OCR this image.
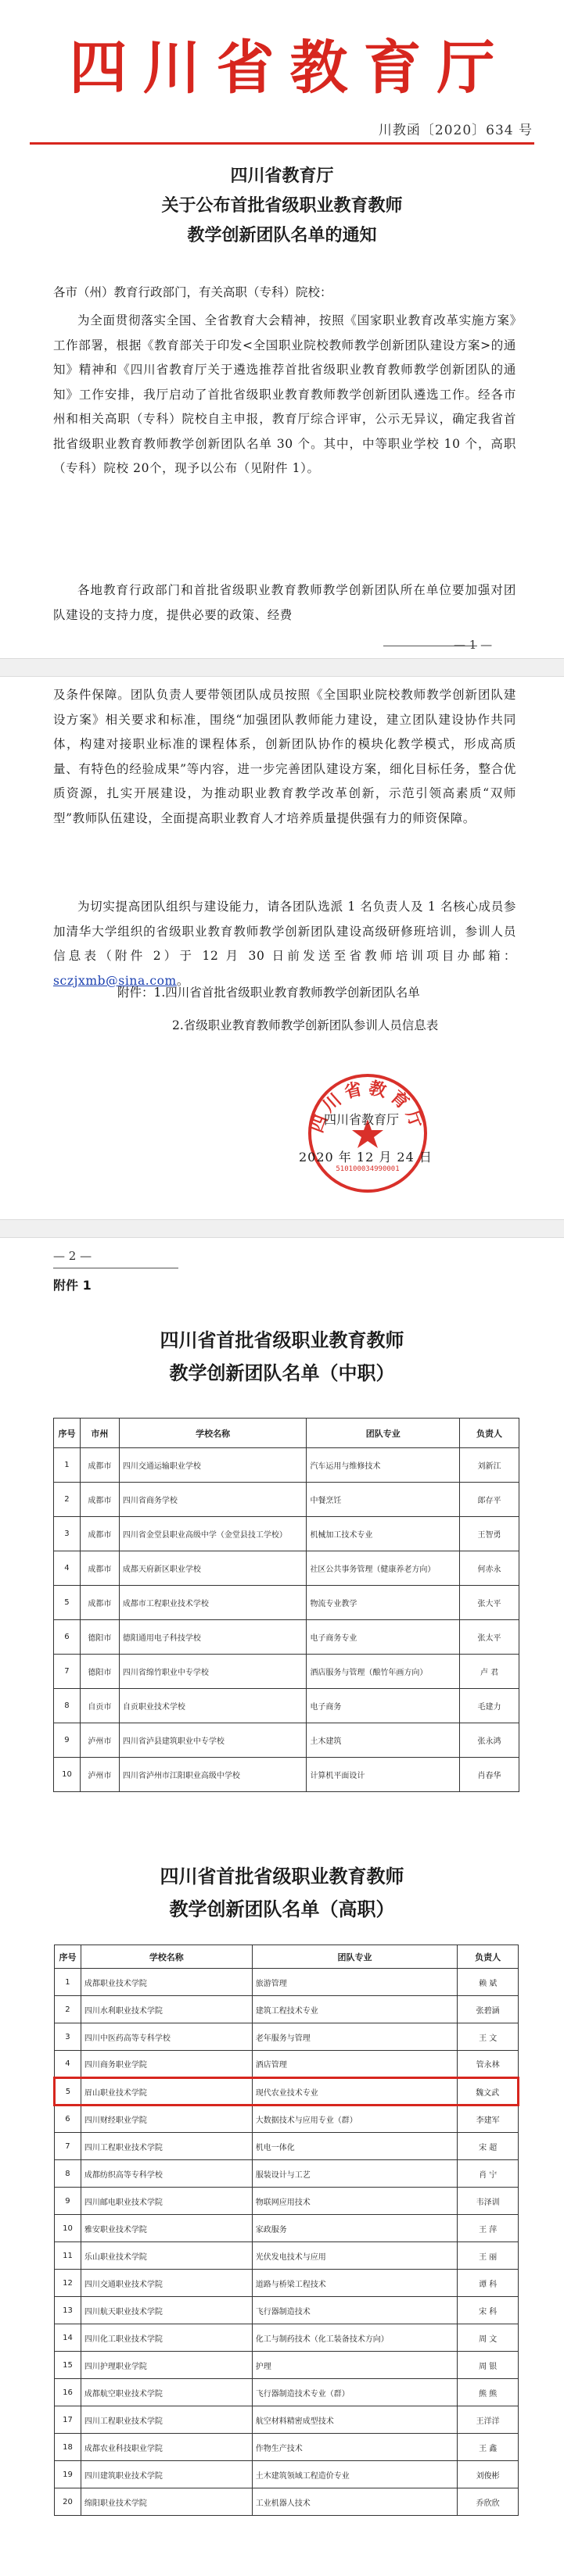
四川省教育厅
川教函〔2020〕634 号
四川省教育厅
关于公布首批省级职业教育教师
教学创新团队名单的通知
各市（州）教育行政部门，有关高职（专科）院校：
为全面贯彻落实全国、全省教育大会精神，按照《国家职业教育改革实施方案》工作部署，根据《教育部关于印发<全国职业院校教师教学创新团队建设方案>的通知》精神和《四川省教育厅关于遴选推荐首批省级职业教育教师教学创新团队的通知》工作安排，我厅启动了首批省级职业教育教师教学创新团队遴选工作。经各市州和相关高职（专科）院校自主申报，教育厅综合评审，公示无异议，确定我省首批省级职业教育教师教学创新团队名单 30 个。其中，中等职业学校 10 个，高职（专科）院校 20个，现予以公布（见附件 1）。
各地教育行政部门和首批省级职业教育教师教学创新团队所在单位要加强对团队建设的支持力度，提供必要的政策、经费
— 1 —
及条件保障。团队负责人要带领团队成员按照《全国职业院校教师教学创新团队建设方案》相关要求和标准，围绕“加强团队教师能力建设，建立团队建设协作共同体，构建对接职业标准的课程体系，创新团队协作的模块化教学模式，形成高质量、有特色的经验成果”等内容，进一步完善团队建设方案，细化目标任务，整合优质资源，扎实开展建设，为推动职业教育教学改革创新，示范引领高素质“双师型”教师队伍建设，全面提高职业教育人才培养质量提供强有力的师资保障。
为切实提高团队组织与建设能力，请各团队选派 1 名负责人及 1 名核心成员参加清华大学组织的省级职业教育教师教学创新团队建设高级研修班培训，参训人员信息表（附件 2）于 12 月 30 日前发送至省教师培训项目办邮箱：sczjxmb@sina.com。
附件：1.四川省首批省级职业教育教师教学创新团队名单
2.省级职业教育教师教学创新团队参训人员信息表
四川省教育厅
510100034990001
四川省教育厅
2020 年 12 月 24 日
— 2 —
附件 1
四川省首批省级职业教育教师
教学创新团队名单（中职）
序号	市州	学校名称	团队专业	负责人
1	成都市	四川交通运输职业学校	汽车运用与维修技术	刘新江
2	成都市	四川省商务学校	中餐烹饪	郎存平
3	成都市	四川省金堂县职业高级中学（金堂县技工学校）	机械加工技术专业	王智勇
4	成都市	成都天府新区职业学校	社区公共事务管理（健康养老方向）	何赤永
5	成都市	成都市工程职业技术学校	物流专业教学	张大平
6	德阳市	德阳通用电子科技学校	电子商务专业	张太平
7	德阳市	四川省绵竹职业中专学校	酒店服务与管理（酿竹年画方向）	卢 君
8	自贡市	自贡职业技术学校	电子商务	毛建力
9	泸州市	四川省泸县建筑职业中专学校	土木建筑	张永鸿
10	泸州市	四川省泸州市江阳职业高级中学校	计算机平面设计	肖春华
四川省首批省级职业教育教师
教学创新团队名单（高职）
序号	学校名称	团队专业	负责人
1	成都职业技术学院	旅游管理	赖 斌
2	四川水利职业技术学院	建筑工程技术专业	张碧涵
3	四川中医药高等专科学校	老年服务与管理	王 文
4	四川商务职业学院	酒店管理	管永林
5	眉山职业技术学院	现代农业技术专业	魏文武
6	四川财经职业学院	大数据技术与应用专业（群）	李建军
7	四川工程职业技术学院	机电一体化	宋 超
8	成都纺织高等专科学校	服装设计与工艺	肖 宁
9	四川邮电职业技术学院	物联网应用技术	韦泽训
10	雅安职业技术学院	家政服务	王 萍
11	乐山职业技术学院	光伏发电技术与应用	王 丽
12	四川交通职业技术学院	道路与桥梁工程技术	谭 科
13	四川航天职业技术学院	飞行器制造技术	宋 科
14	四川化工职业技术学院	化工与制药技术（化工装备技术方向）	周 文
15	四川护理职业学院	护理	周 银
16	成都航空职业技术学院	飞行器制造技术专业（群）	熊 熊
17	四川工程职业技术学院	航空材料精密成型技术	王洋洋
18	成都农业科技职业学院	作物生产技术	王 鑫
19	四川建筑职业技术学院	土木建筑领域工程造价专业	刘俊彬
20	绵阳职业技术学院	工业机器人技术	乔欣欣
